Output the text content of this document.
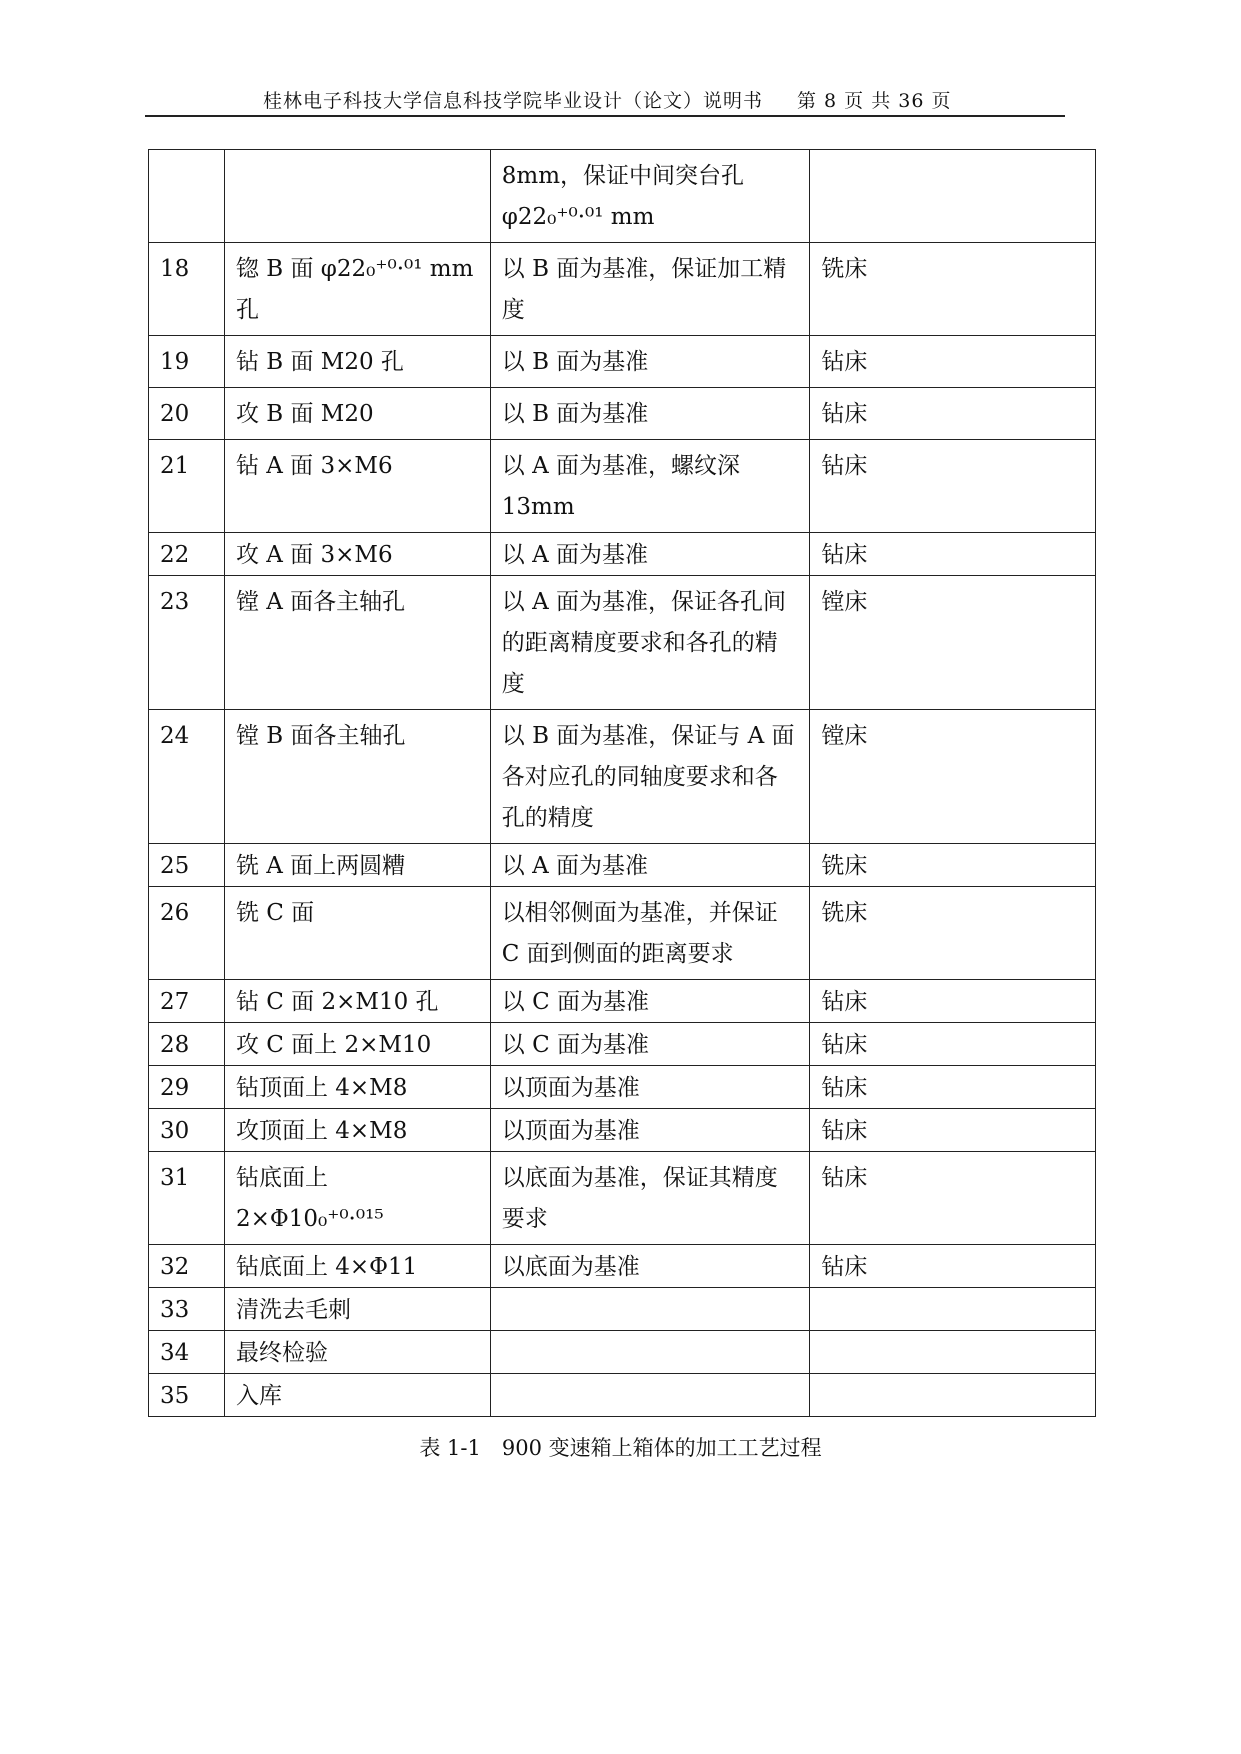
桂林电子科技大学信息科技学院毕业设计（论文）说明书 第 8 页 共 36 页
		8mm，保证中间突台孔 φ22₀⁺⁰·⁰¹ mm	
18	锪 B 面 φ22₀⁺⁰·⁰¹ mm 孔	以 B 面为基准，保证加工精度	铣床
19	钻 B 面 M20 孔	以 B 面为基准	钻床
20	攻 B 面 M20	以 B 面为基准	钻床
21	钻 A 面 3×M6	以 A 面为基准，螺纹深 13mm	钻床
22	攻 A 面 3×M6	以 A 面为基准	钻床
23	镗 A 面各主轴孔	以 A 面为基准，保证各孔间的距离精度要求和各孔的精度	镗床
24	镗 B 面各主轴孔	以 B 面为基准，保证与 A 面各对应孔的同轴度要求和各孔的精度	镗床
25	铣 A 面上两圆糟	以 A 面为基准	铣床
26	铣 C 面	以相邻侧面为基准，并保证 C 面到侧面的距离要求	铣床
27	钻 C 面 2×M10 孔	以 C 面为基准	钻床
28	攻 C 面上 2×M10	以 C 面为基准	钻床
29	钻顶面上 4×M8	以顶面为基准	钻床
30	攻顶面上 4×M8	以顶面为基准	钻床
31	钻底面上 2×Φ10₀⁺⁰·⁰¹⁵	以底面为基准，保证其精度要求	钻床
32	钻底面上 4×Φ11	以底面为基准	钻床
33	清洗去毛刺		
34	最终检验		
35	入库		
表 1-1　900 变速箱上箱体的加工工艺过程
